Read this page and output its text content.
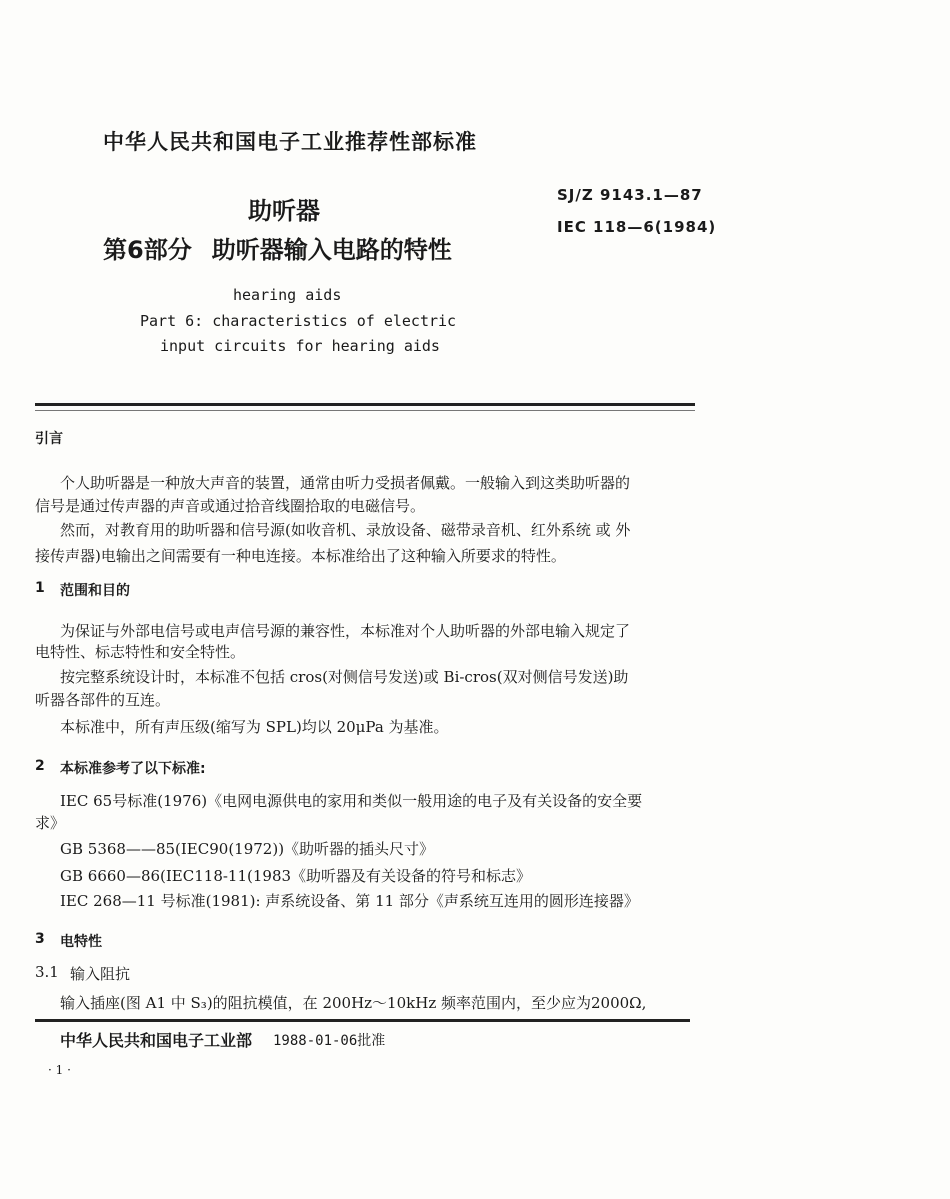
中华人民共和国电子工业推荐性部标准
助听器
第6部分 助听器输入电路的特性
SJ/Z 9143.1—87
IEC 118—6(1984)
hearing aids
Part 6: characteristics of electric
input circuits for hearing aids
引言
个人助听器是一种放大声音的装置，通常由听力受损者佩戴。一般输入到这类助听器的
信号是通过传声器的声音或通过拾音线圈拾取的电磁信号。
然而，对教育用的助听器和信号源(如收音机、录放设备、磁带录音机、红外系统 或 外
接传声器)电输出之间需要有一种电连接。本标准给出了这种输入所要求的特性。
1 范围和目的
为保证与外部电信号或电声信号源的兼容性，本标准对个人助听器的外部电输入规定了
电特性、标志特性和安全特性。
按完整系统设计时，本标准不包括 cros(对侧信号发送)或 Bi-cros(双对侧信号发送)助
听器各部件的互连。
本标准中，所有声压级(缩写为 SPL)均以 20μPa 为基准。
2 本标准参考了以下标准:
IEC 65号标准(1976)《电网电源供电的家用和类似一般用途的电子及有关设备的安全要
求》
GB 5368——85(IEC90(1972))《助听器的插头尺寸》
GB 6660—86(IEC118-11(1983《助听器及有关设备的符号和标志》
IEC 268—11 号标准(1981): 声系统设备、第 11 部分《声系统互连用的圆形连接器》
3 电特性
3.1 输入阻抗
输入插座(图 A1 中 S₃)的阻抗模值，在 200Hz～10kHz 频率范围内，至少应为2000Ω,
中华人民共和国电子工业部 1988-01-06批准
· 1 ·
